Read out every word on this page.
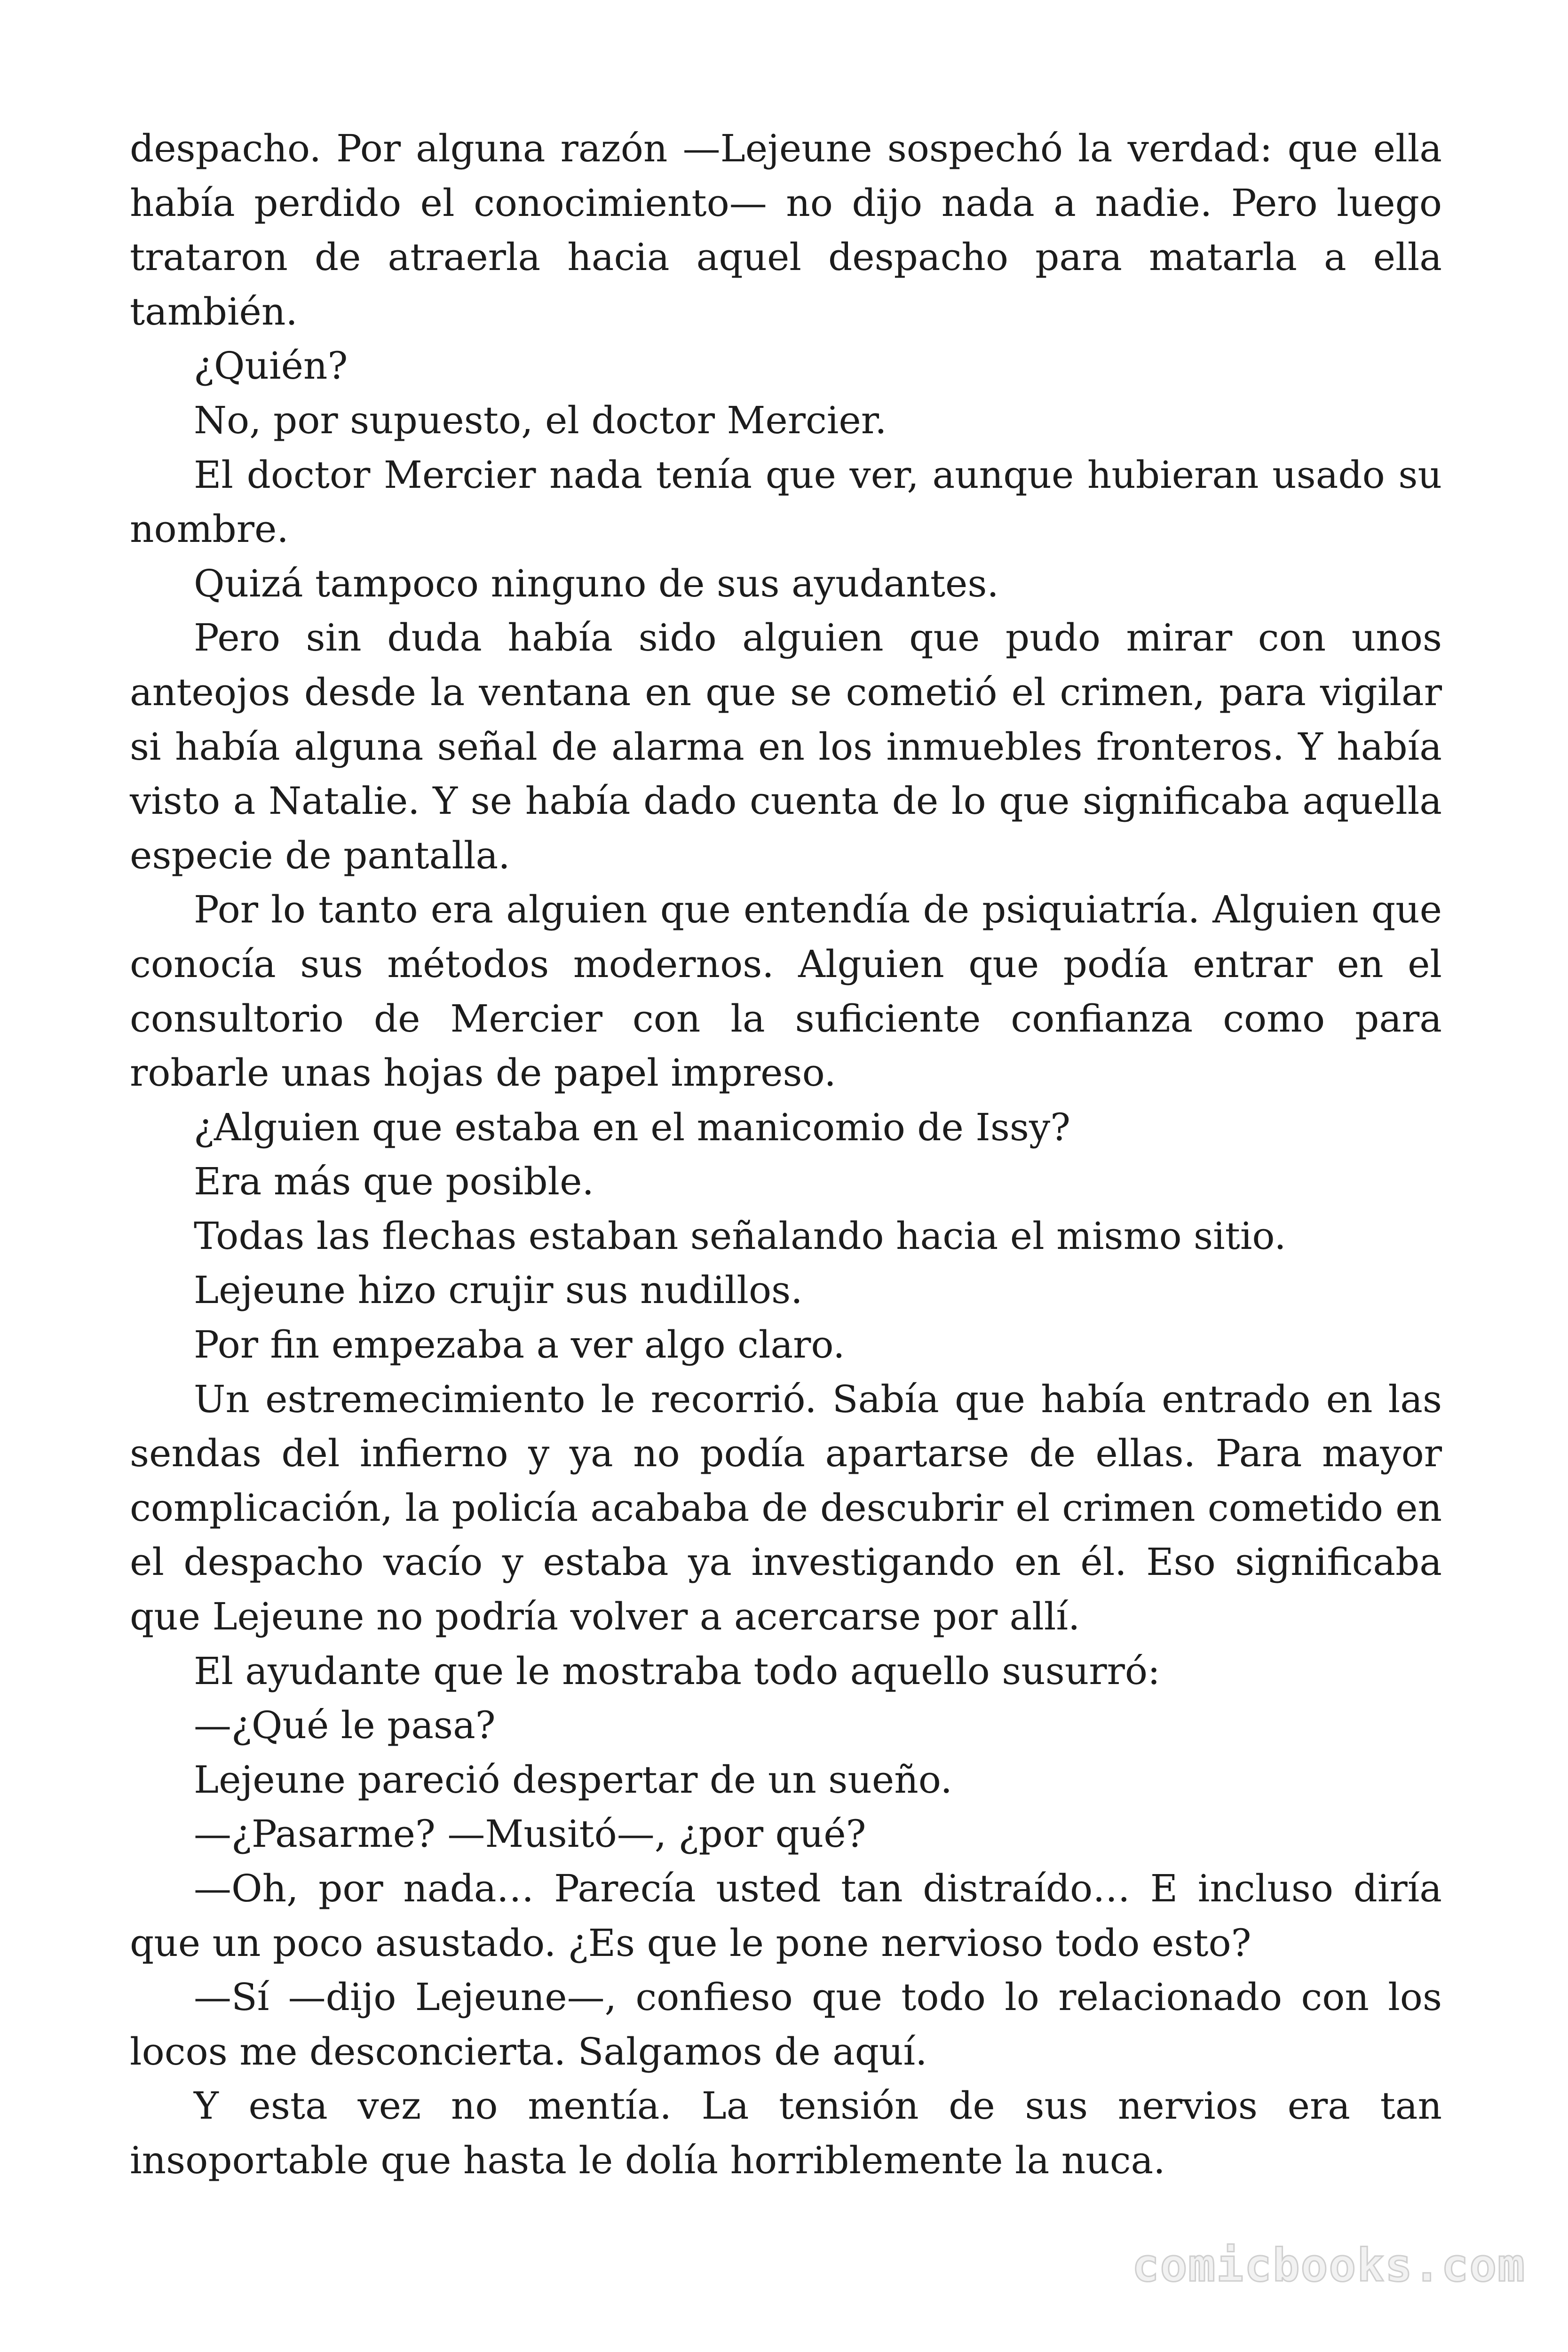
despacho. Por alguna razón —Lejeune sospechó la verdad: que ella había perdido el conocimiento— no dijo nada a nadie. Pero luego trataron de atraerla hacia aquel despacho para matarla a ella también.

¿Quién?

No, por supuesto, el doctor Mercier.

El doctor Mercier nada tenía que ver, aunque hubieran usado su nombre.

Quizá tampoco ninguno de sus ayudantes.

Pero sin duda había sido alguien que pudo mirar con unos anteojos desde la ventana en que se cometió el crimen, para vigilar si había alguna señal de alarma en los inmuebles fronteros. Y había visto a Natalie. Y se había dado cuenta de lo que significaba aquella especie de pantalla.

Por lo tanto era alguien que entendía de psiquiatría. Alguien que conocía sus métodos modernos. Alguien que podía entrar en el consultorio de Mercier con la suficiente confianza como para robarle unas hojas de papel impreso.

¿Alguien que estaba en el manicomio de Issy?

Era más que posible.

Todas las flechas estaban señalando hacia el mismo sitio.

Lejeune hizo crujir sus nudillos.

Por fin empezaba a ver algo claro.

Un estremecimiento le recorrió. Sabía que había entrado en las sendas del infierno y ya no podía apartarse de ellas. Para mayor complicación, la policía acababa de descubrir el crimen cometido en el despacho vacío y estaba ya investigando en él. Eso significaba que Lejeune no podría volver a acercarse por allí.

El ayudante que le mostraba todo aquello susurró:

—¿Qué le pasa?

Lejeune pareció despertar de un sueño.

—¿Pasarme? —Musitó—, ¿por qué?

—Oh, por nada… Parecía usted tan distraído… E incluso diría que un poco asustado. ¿Es que le pone nervioso todo esto?

—Sí —dijo Lejeune—, confieso que todo lo relacionado con los locos me desconcierta. Salgamos de aquí.

Y esta vez no mentía. La tensión de sus nervios era tan insoportable que hasta le dolía horriblemente la nuca.

comicbooks.com
